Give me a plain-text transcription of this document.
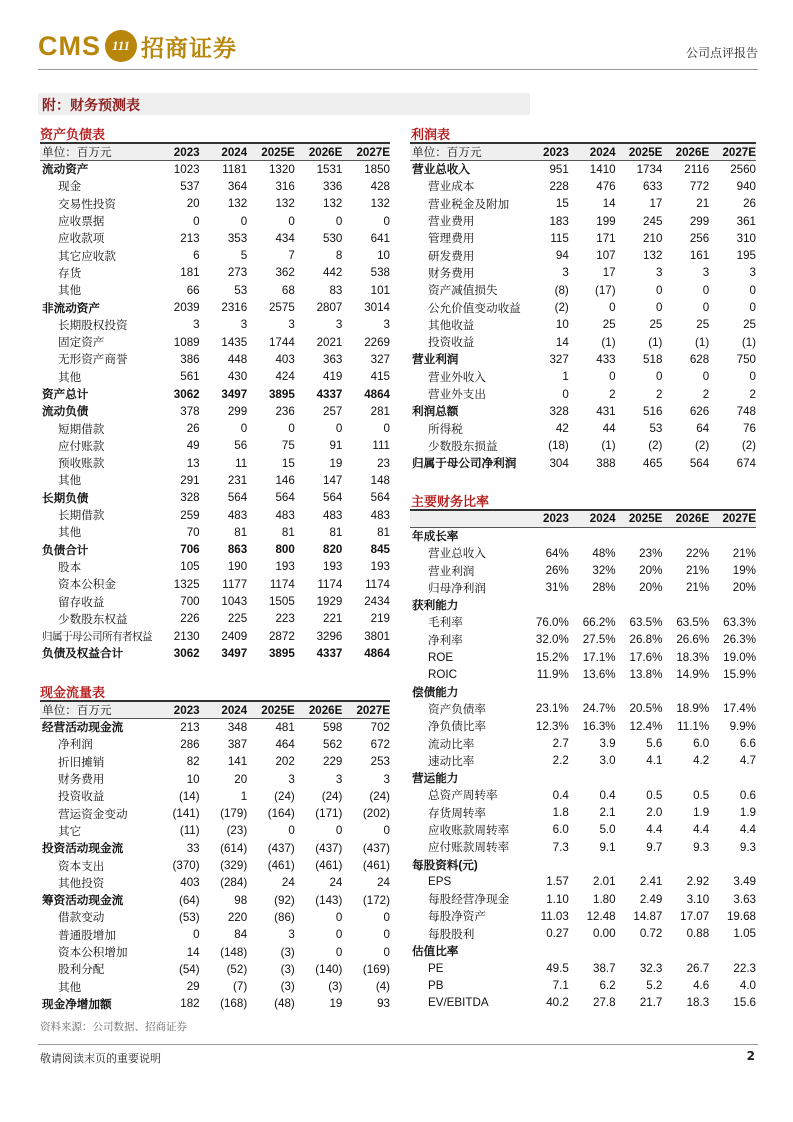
CMS 111 招商证券	公司点评报告
附：财务预测表
资产负债表
单位：百万元	2023	2024	2025E	2026E	2027E
流动资产	1023	1181	1320	1531	1850
现金	537	364	316	336	428
交易性投资	20	132	132	132	132
应收票据	0	0	0	0	0
应收款项	213	353	434	530	641
其它应收款	6	5	7	8	10
存货	181	273	362	442	538
其他	66	53	68	83	101
非流动资产	2039	2316	2575	2807	3014
长期股权投资	3	3	3	3	3
固定资产	1089	1435	1744	2021	2269
无形资产商誉	386	448	403	363	327
其他	561	430	424	419	415
资产总计	3062	3497	3895	4337	4864
流动负债	378	299	236	257	281
短期借款	26	0	0	0	0
应付账款	49	56	75	91	111
预收账款	13	11	15	19	23
其他	291	231	146	147	148
长期负债	328	564	564	564	564
长期借款	259	483	483	483	483
其他	70	81	81	81	81
负债合计	706	863	800	820	845
股本	105	190	193	193	193
资本公积金	1325	1177	1174	1174	1174
留存收益	700	1043	1505	1929	2434
少数股东权益	226	225	223	221	219
归属于母公司所有者权益	2130	2409	2872	3296	3801
负债及权益合计	3062	3497	3895	4337	4864
利润表
单位：百万元	2023	2024	2025E	2026E	2027E
营业总收入	951	1410	1734	2116	2560
营业成本	228	476	633	772	940
营业税金及附加	15	14	17	21	26
营业费用	183	199	245	299	361
管理费用	115	171	210	256	310
研发费用	94	107	132	161	195
财务费用	3	17	3	3	3
资产减值损失	(8)	(17)	0	0	0
公允价值变动收益	(2)	0	0	0	0
其他收益	10	25	25	25	25
投资收益	14	(1)	(1)	(1)	(1)
营业利润	327	433	518	628	750
营业外收入	1	0	0	0	0
营业外支出	0	2	2	2	2
利润总额	328	431	516	626	748
所得税	42	44	53	64	76
少数股东损益	(18)	(1)	(2)	(2)	(2)
归属于母公司净利润	304	388	465	564	674
主要财务比率
	2023	2024	2025E	2026E	2027E
年成长率					
营业总收入	64%	48%	23%	22%	21%
营业利润	26%	32%	20%	21%	19%
归母净利润	31%	28%	20%	21%	20%
获利能力					
毛利率	76.0%	66.2%	63.5%	63.5%	63.3%
净利率	32.0%	27.5%	26.8%	26.6%	26.3%
ROE	15.2%	17.1%	17.6%	18.3%	19.0%
ROIC	11.9%	13.6%	13.8%	14.9%	15.9%
偿债能力					
资产负债率	23.1%	24.7%	20.5%	18.9%	17.4%
净负债比率	12.3%	16.3%	12.4%	11.1%	9.9%
流动比率	2.7	3.9	5.6	6.0	6.6
速动比率	2.2	3.0	4.1	4.2	4.7
营运能力					
总资产周转率	0.4	0.4	0.5	0.5	0.6
存货周转率	1.8	2.1	2.0	1.9	1.9
应收账款周转率	6.0	5.0	4.4	4.4	4.4
应付账款周转率	7.3	9.1	9.7	9.3	9.3
每股资料(元)					
EPS	1.57	2.01	2.41	2.92	3.49
每股经营净现金	1.10	1.80	2.49	3.10	3.63
每股净资产	11.03	12.48	14.87	17.07	19.68
每股股利	0.27	0.00	0.72	0.88	1.05
估值比率					
PE	49.5	38.7	32.3	26.7	22.3
PB	7.1	6.2	5.2	4.6	4.0
EV/EBITDA	40.2	27.8	21.7	18.3	15.6
现金流量表
单位：百万元	2023	2024	2025E	2026E	2027E
经营活动现金流	213	348	481	598	702
净利润	286	387	464	562	672
折旧摊销	82	141	202	229	253
财务费用	10	20	3	3	3
投资收益	(14)	1	(24)	(24)	(24)
营运资金变动	(141)	(179)	(164)	(171)	(202)
其它	(11)	(23)	0	0	0
投资活动现金流	33	(614)	(437)	(437)	(437)
资本支出	(370)	(329)	(461)	(461)	(461)
其他投资	403	(284)	24	24	24
筹资活动现金流	(64)	98	(92)	(143)	(172)
借款变动	(53)	220	(86)	0	0
普通股增加	0	84	3	0	0
资本公积增加	14	(148)	(3)	0	0
股利分配	(54)	(52)	(3)	(140)	(169)
其他	29	(7)	(3)	(3)	(4)
现金净增加额	182	(168)	(48)	19	93
资料来源：公司数据、招商证券
敬请阅读末页的重要说明	2
